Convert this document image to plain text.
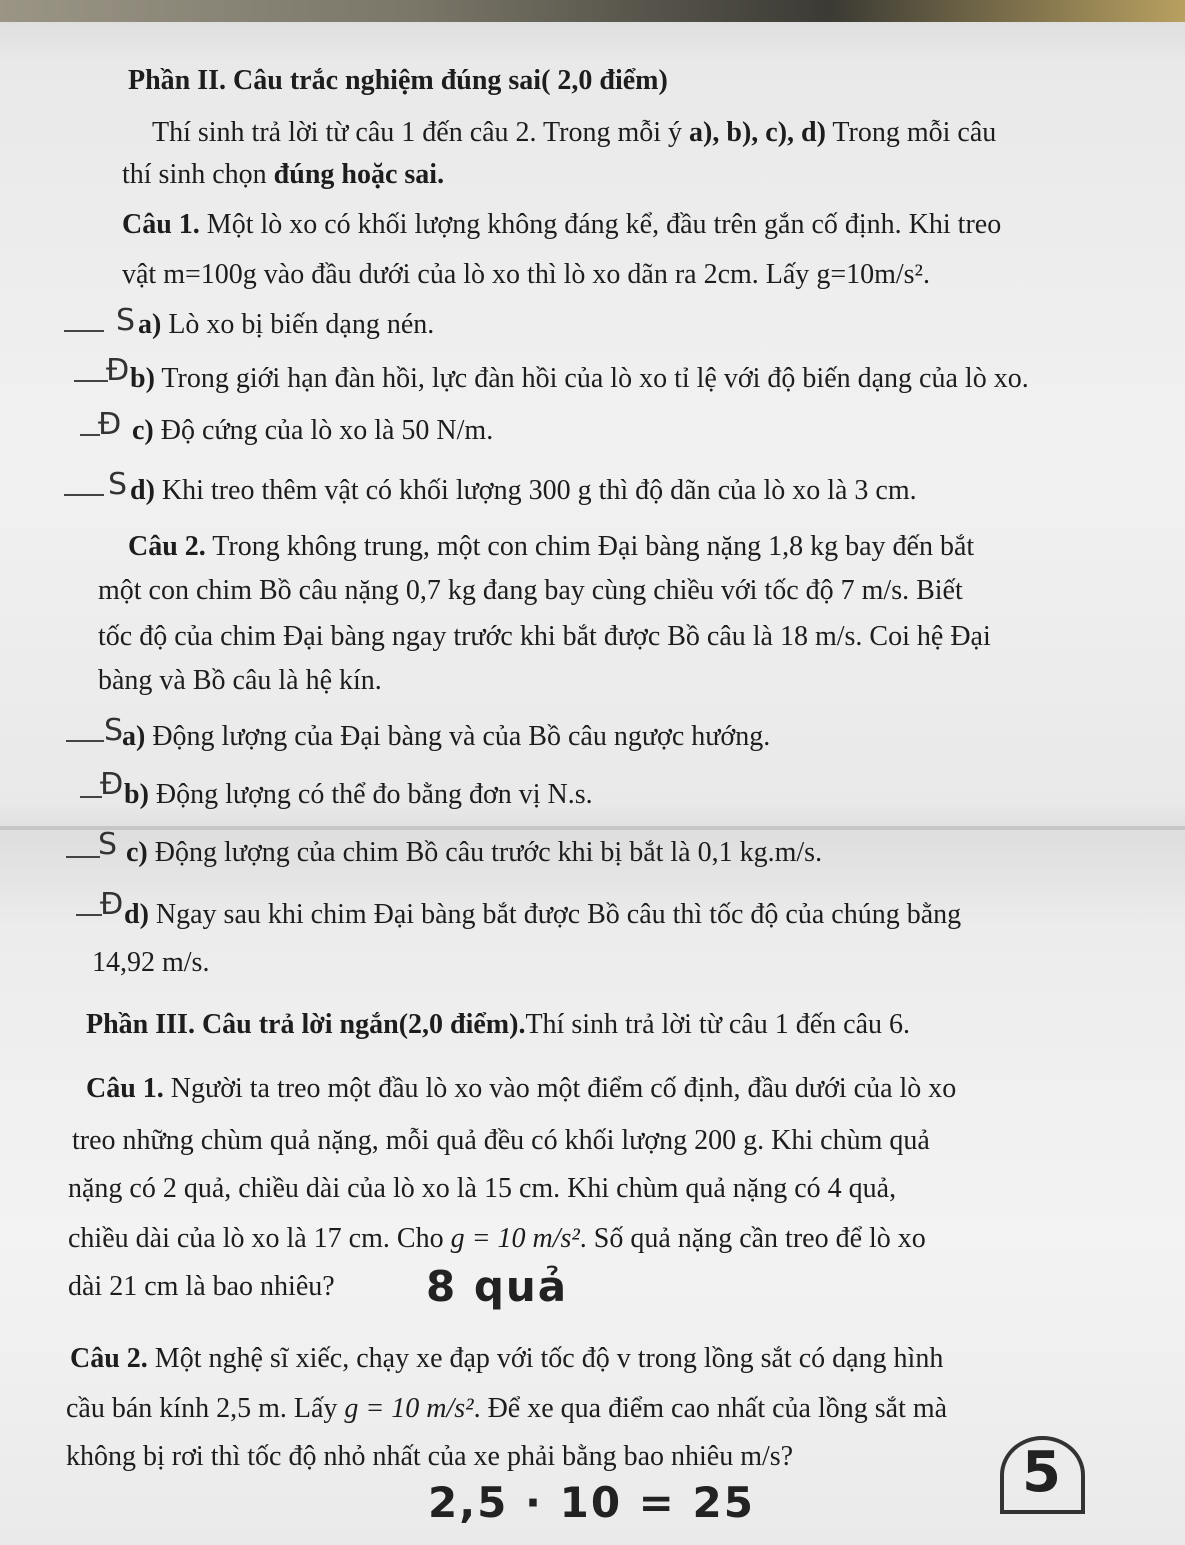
Phần II. Câu trắc nghiệm đúng sai( 2,0 điểm)
Thí sinh trả lời từ câu 1 đến câu 2. Trong mỗi ý a), b), c), d) Trong mỗi câu
thí sinh chọn đúng hoặc sai.
Câu 1. Một lò xo có khối lượng không đáng kể, đầu trên gắn cố định. Khi treo
vật m=100g vào đầu dưới của lò xo thì lò xo dãn ra 2cm. Lấy g=10m/s².
S a) Lò xo bị biến dạng nén.
Đ b) Trong giới hạn đàn hồi, lực đàn hồi của lò xo tỉ lệ với độ biến dạng của lò xo.
Đ c) Độ cứng của lò xo là 50 N/m.
S d) Khi treo thêm vật có khối lượng 300 g thì độ dãn của lò xo là 3 cm.
Câu 2. Trong không trung, một con chim Đại bàng nặng 1,8 kg bay đến bắt
một con chim Bồ câu nặng 0,7 kg đang bay cùng chiều với tốc độ 7 m/s. Biết
tốc độ của chim Đại bàng ngay trước khi bắt được Bồ câu là 18 m/s. Coi hệ Đại
bàng và Bồ câu là hệ kín.
S
a) Động lượng của Đại bàng và của Bồ câu ngược hướng.
Đ b) Động lượng có thể đo bằng đơn vị N.s.
S c) Động lượng của chim Bồ câu trước khi bị bắt là 0,1 kg.m/s.
Đ d) Ngay sau khi chim Đại bàng bắt được Bồ câu thì tốc độ của chúng bằng
14,92 m/s.
Phần III. Câu trả lời ngắn(2,0 điểm).Thí sinh trả lời từ câu 1 đến câu 6.
Câu 1. Người ta treo một đầu lò xo vào một điểm cố định, đầu dưới của lò xo
treo những chùm quả nặng, mỗi quả đều có khối lượng 200 g. Khi chùm quả
nặng có 2 quả, chiều dài của lò xo là 15 cm. Khi chùm quả nặng có 4 quả,
chiều dài của lò xo là 17 cm. Cho g = 10 m/s². Số quả nặng cần treo để lò xo
dài 21 cm là bao nhiêu? 8 quả
Câu 2. Một nghệ sĩ xiếc, chạy xe đạp với tốc độ v trong lồng sắt có dạng hình
cầu bán kính 2,5 m. Lấy g = 10 m/s². Để xe qua điểm cao nhất của lồng sắt mà
không bị rơi thì tốc độ nhỏ nhất của xe phải bằng bao nhiêu m/s?
2,5 · 10 = 25	5
